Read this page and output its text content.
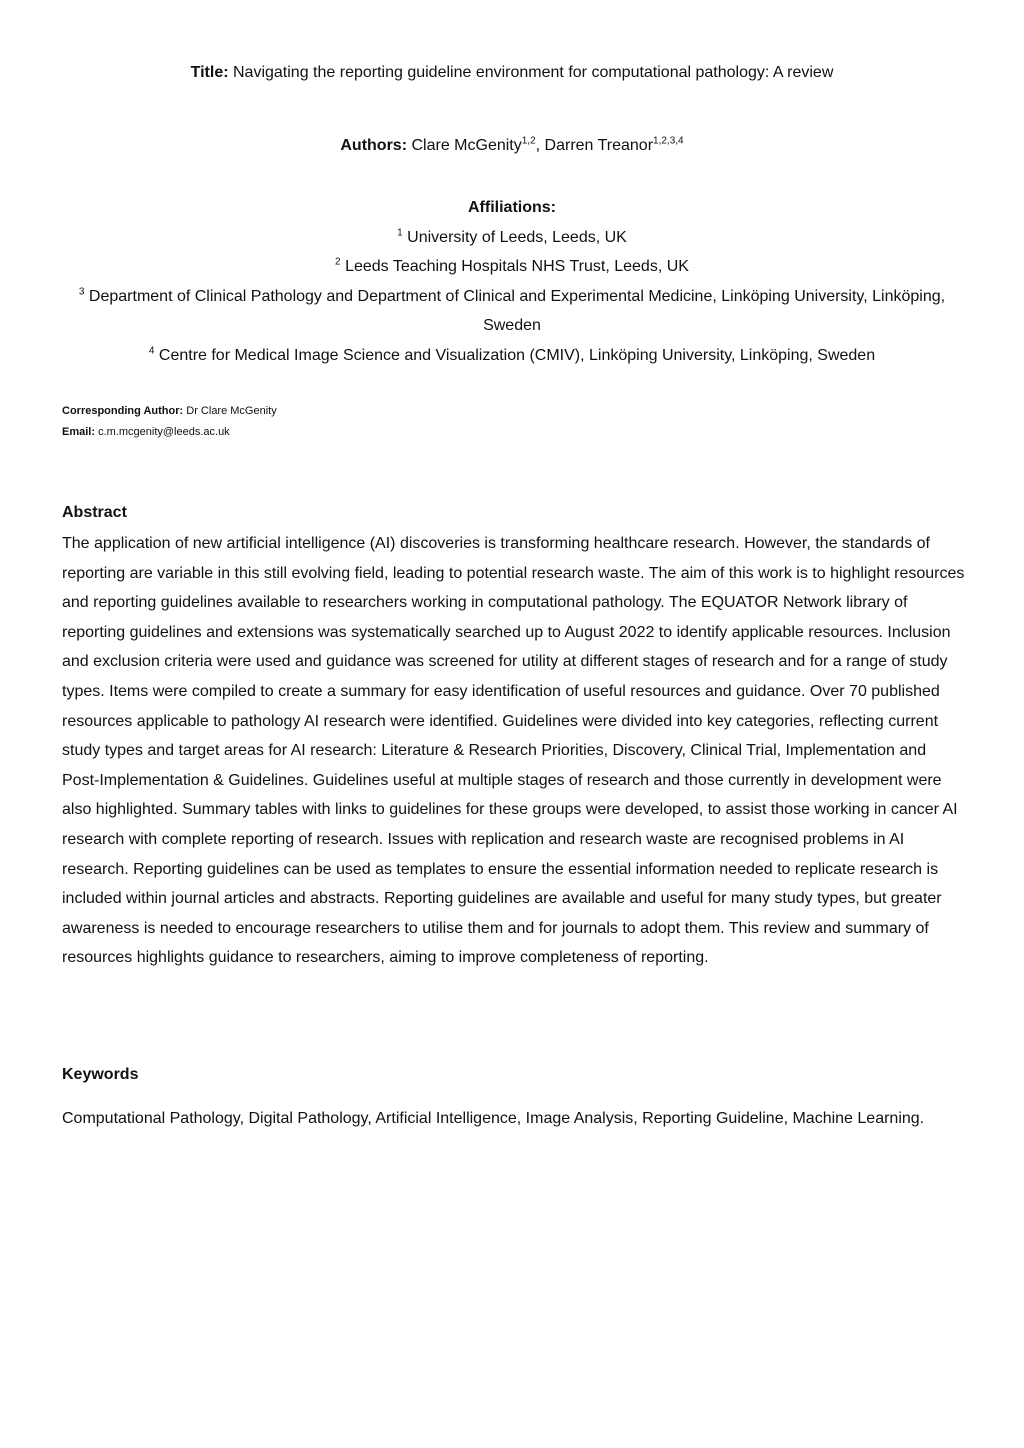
Title: Navigating the reporting guideline environment for computational pathology: A review
Authors: Clare McGenity$^{1,2}$, Darren Treanor$^{1,2,3,4}$
Affiliations:
$^1$ University of Leeds, Leeds, UK
$^2$ Leeds Teaching Hospitals NHS Trust, Leeds, UK
$^3$ Department of Clinical Pathology and Department of Clinical and Experimental Medicine, Linköping University, Linköping, Sweden
$^4$ Centre for Medical Image Science and Visualization (CMIV), Linköping University, Linköping, Sweden
Corresponding Author: Dr Clare McGenity
Email: c.m.mcgenity@leeds.ac.uk
Abstract
The application of new artificial intelligence (AI) discoveries is transforming healthcare research. However, the standards of reporting are variable in this still evolving field, leading to potential research waste. The aim of this work is to highlight resources and reporting guidelines available to researchers working in computational pathology. The EQUATOR Network library of reporting guidelines and extensions was systematically searched up to August 2022 to identify applicable resources. Inclusion and exclusion criteria were used and guidance was screened for utility at different stages of research and for a range of study types. Items were compiled to create a summary for easy identification of useful resources and guidance. Over 70 published resources applicable to pathology AI research were identified. Guidelines were divided into key categories, reflecting current study types and target areas for AI research: Literature & Research Priorities, Discovery, Clinical Trial, Implementation and Post-Implementation & Guidelines. Guidelines useful at multiple stages of research and those currently in development were also highlighted. Summary tables with links to guidelines for these groups were developed, to assist those working in cancer AI research with complete reporting of research. Issues with replication and research waste are recognised problems in AI research. Reporting guidelines can be used as templates to ensure the essential information needed to replicate research is included within journal articles and abstracts. Reporting guidelines are available and useful for many study types, but greater awareness is needed to encourage researchers to utilise them and for journals to adopt them. This review and summary of resources highlights guidance to researchers, aiming to improve completeness of reporting.
Keywords
Computational Pathology, Digital Pathology, Artificial Intelligence, Image Analysis, Reporting Guideline, Machine Learning.
